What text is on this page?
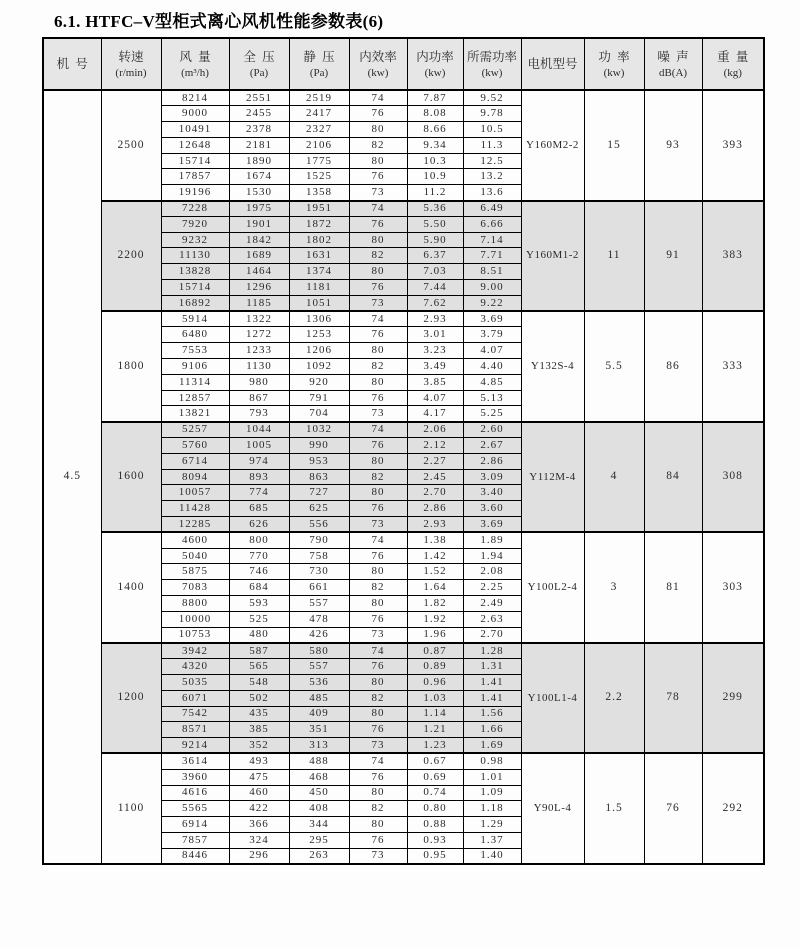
6.1. HTFC–V型柜式离心风机性能参数表(6)
机  号

转速
(r/min)

风  量
(m³/h)

全  压
(Pa)

静  压
(Pa)

内效率
(kw)

内功率
(kw)

所需功率
(kw)

电机型号

功  率
(kw)

噪  声
dB(A)

重  量
(kg)

4.5	2500	8214	2551	2519	74	7.87	9.52	Y160M2-2	15	93	393
		9000	2455	2417	76	8.08	9.78				
		10491	2378	2327	80	8.66	10.5				
		12648	2181	2106	82	9.34	11.3				
		15714	1890	1775	80	10.3	12.5				
		17857	1674	1525	76	10.9	13.2				
		19196	1530	1358	73	11.2	13.6				
	2200	7228	1975	1951	74	5.36	6.49	Y160M1-2	11	91	383
		7920	1901	1872	76	5.50	6.66				
		9232	1842	1802	80	5.90	7.14				
		11130	1689	1631	82	6.37	7.71				
		13828	1464	1374	80	7.03	8.51				
		15714	1296	1181	76	7.44	9.00				
		16892	1185	1051	73	7.62	9.22				
	1800	5914	1322	1306	74	2.93	3.69	Y132S-4	5.5	86	333
		6480	1272	1253	76	3.01	3.79				
		7553	1233	1206	80	3.23	4.07				
		9106	1130	1092	82	3.49	4.40				
		11314	980	920	80	3.85	4.85				
		12857	867	791	76	4.07	5.13				
		13821	793	704	73	4.17	5.25				
	1600	5257	1044	1032	74	2.06	2.60	Y112M-4	4	84	308
		5760	1005	990	76	2.12	2.67				
		6714	974	953	80	2.27	2.86				
		8094	893	863	82	2.45	3.09				
		10057	774	727	80	2.70	3.40				
		11428	685	625	76	2.86	3.60				
		12285	626	556	73	2.93	3.69				
	1400	4600	800	790	74	1.38	1.89	Y100L2-4	3	81	303
		5040	770	758	76	1.42	1.94				
		5875	746	730	80	1.52	2.08				
		7083	684	661	82	1.64	2.25				
		8800	593	557	80	1.82	2.49				
		10000	525	478	76	1.92	2.63				
		10753	480	426	73	1.96	2.70				
	1200	3942	587	580	74	0.87	1.28	Y100L1-4	2.2	78	299
		4320	565	557	76	0.89	1.31				
		5035	548	536	80	0.96	1.41				
		6071	502	485	82	1.03	1.41				
		7542	435	409	80	1.14	1.56				
		8571	385	351	76	1.21	1.66				
		9214	352	313	73	1.23	1.69				
	1100	3614	493	488	74	0.67	0.98	Y90L-4	1.5	76	292
		3960	475	468	76	0.69	1.01				
		4616	460	450	80	0.74	1.09				
		5565	422	408	82	0.80	1.18				
		6914	366	344	80	0.88	1.29				
		7857	324	295	76	0.93	1.37				
		8446	296	263	73	0.95	1.40				
